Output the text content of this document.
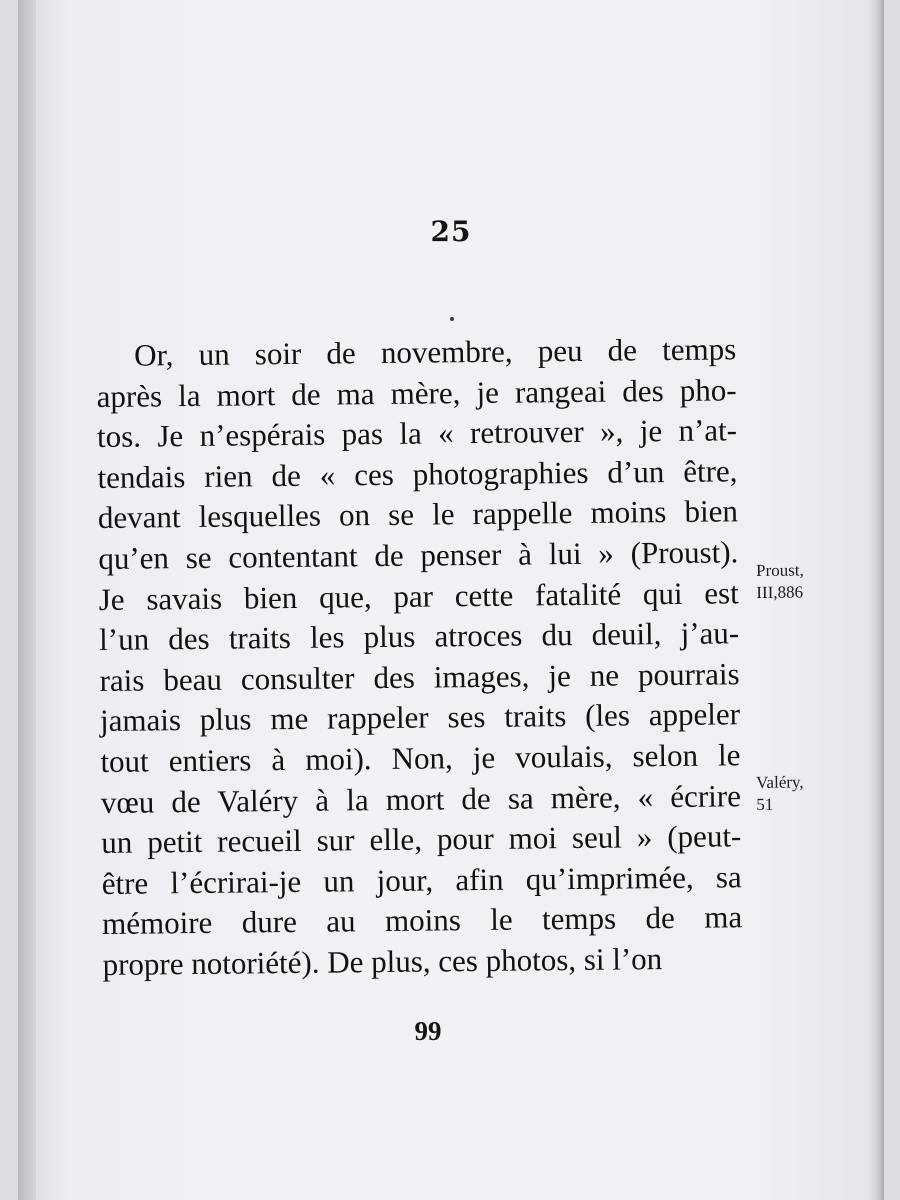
​
25
Or, un soir de novembre, peu de temps
après la mort de ma mère, je rangeai des pho-
tos. Je n’espérais pas la « retrouver », je n’at-
tendais rien de « ces photographies d’un être,
devant lesquelles on se le rappelle moins bien
qu’en se contentant de penser à lui » (Proust).
Je savais bien que, par cette fatalité qui est
l’un des traits les plus atroces du deuil, j’au-
rais beau consulter des images, je ne pourrais
jamais plus me rappeler ses traits (les appeler
tout entiers à moi). Non, je voulais, selon le
vœu de Valéry à la mort de sa mère, « écrire
un petit recueil sur elle, pour moi seul » (peut-
être l’écrirai-je un jour, afin qu’imprimée, sa
mémoire dure au moins le temps de ma
propre notoriété). De plus, ces photos, si l’on
Proust,
III,886
Valéry,
51
99
